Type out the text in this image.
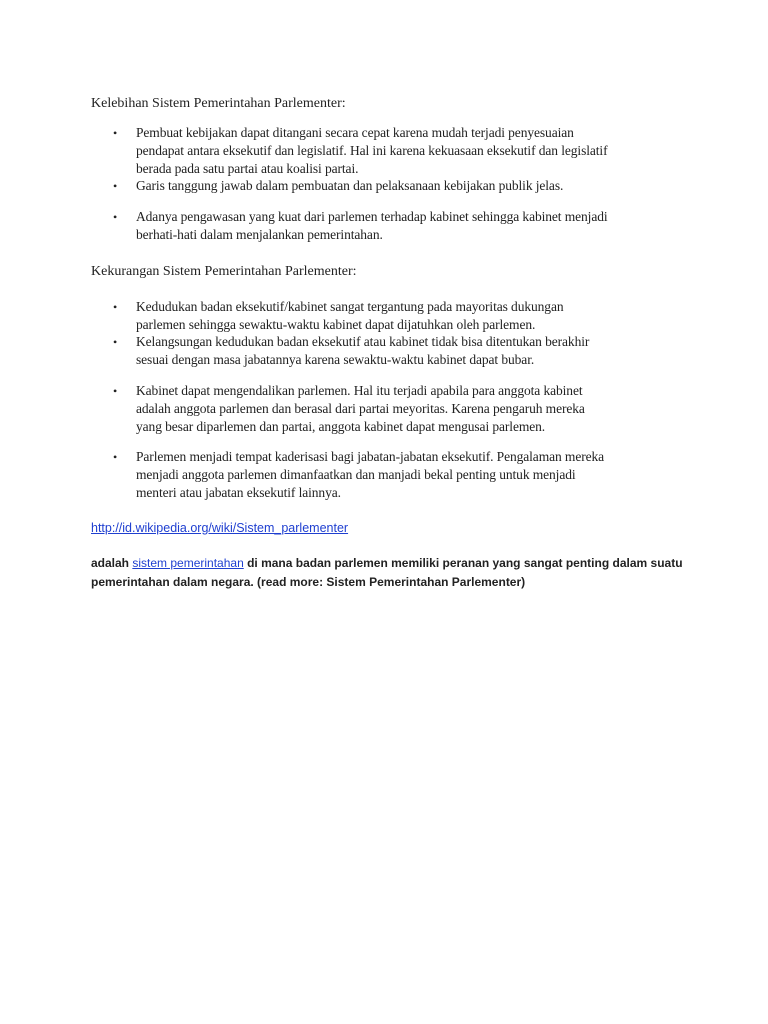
Kelebihan Sistem Pemerintahan Parlementer:
• Pembuat kebijakan dapat ditangani secara cepat karena mudah terjadi penyesuaian
pendapat antara eksekutif dan legislatif. Hal ini karena kekuasaan eksekutif dan legislatif
berada pada satu partai atau koalisi partai.

• Garis tanggung jawab dalam pembuatan dan pelaksanaan kebijakan publik jelas.

• Adanya pengawasan yang kuat dari parlemen terhadap kabinet sehingga kabinet menjadi
berhati-hati dalam menjalankan pemerintahan.

Kekurangan Sistem Pemerintahan Parlementer:
• Kedudukan badan eksekutif/kabinet sangat tergantung pada mayoritas dukungan
parlemen sehingga sewaktu-waktu kabinet dapat dijatuhkan oleh parlemen.

• Kelangsungan kedudukan badan eksekutif atau kabinet tidak bisa ditentukan berakhir
sesuai dengan masa jabatannya karena sewaktu-waktu kabinet dapat bubar.

• Kabinet dapat mengendalikan parlemen. Hal itu terjadi apabila para anggota kabinet
adalah anggota parlemen dan berasal dari partai meyoritas. Karena pengaruh mereka
yang besar diparlemen dan partai, anggota kabinet dapat mengusai parlemen.

• Parlemen menjadi tempat kaderisasi bagi jabatan-jabatan eksekutif. Pengalaman mereka
menjadi anggota parlemen dimanfaatkan dan manjadi bekal penting untuk menjadi
menteri atau jabatan eksekutif lainnya.

http://id.wikipedia.org/wiki/Sistem_parlementer

adalah sistem pemerintahan di mana badan parlemen memiliki peranan yang sangat penting dalam suatu pemerintahan dalam negara. (read more: Sistem Pemerintahan Parlementer)
